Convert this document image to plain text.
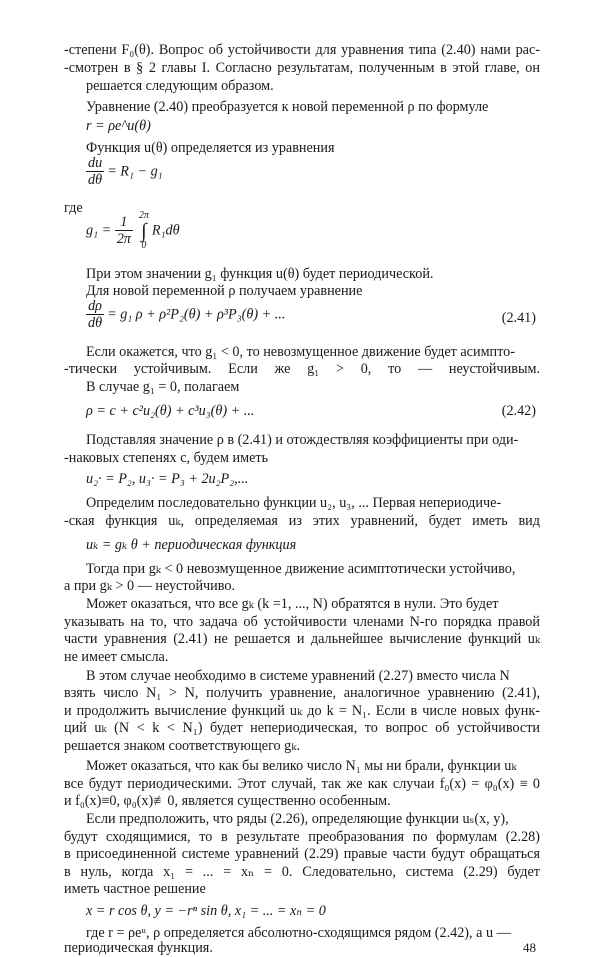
-степени F₀(θ). Вопрос об устойчивости для уравнения типа (2.40) нами рас-
-смотрен в § 2 главы I. Согласно результатам, полученным в этой главе, он
решается следующим образом.
Уравнение (2.40) преобразуется к новой переменной ρ по формуле
r = ρe^u(θ)
Функция u(θ) определяется из уравнения
$\frac{du}{d\theta} = R_1 - g_1$
где
$g_1 = \frac{1}{2\pi} 2\pi$
∫
0
R₁dθ
При этом значении g₁ функция u(θ) будет периодической.
Для новой переменной ρ получаем уравнение
$\frac{d\rho}{d\theta} = g_1$ ρ + ρ²P₂(θ) + ρ³P₃(θ) + ...	(2.41)
Если окажется, что g₁ < 0, то невозмущенное движение будет асимпто-
-тически устойчивым. Если же g₁ > 0, то — неустойчивым.
В случае g₁ = 0, полагаем
ρ = c + c²u₂(θ) + c³u₃(θ) + ...	(2.42)
Подставляя значение ρ в (2.41) и отождествляя коэффициенты при оди-
-наковых степенях c, будем иметь
u₂· = P₂, u₃· = P₃ + 2u₂P₂,...
Определим последовательно функции u₂, u₃, ... Первая непериодиче-
-ская функция uₖ, определяемая из этих уравнений, будет иметь вид
uₖ = gₖ θ + периодическая функция
Тогда при gₖ < 0 невозмущенное движение асимптотически устойчиво,
а при gₖ > 0 — неустойчиво.
Может оказаться, что все gₖ (k =1, ..., N) обратятся в нули. Это будет
указывать на то, что задача об устойчивости членами N-го порядка правой
части уравнения (2.41) не решается и дальнейшее вычисление функций uₖ
не имеет смысла.
В этом случае необходимо в системе уравнений (2.27) вместо числа N
взять число N₁ > N, получить уравнение, аналогичное уравнению (2.41),
и продолжить вычисление функций uₖ до k = N₁. Если в числе новых функ-
ций uₖ (N < k < N₁) будет непериодическая, то вопрос об устойчивости
решается знаком соответствующего gₖ.
Может оказаться, что как бы велико число N₁ мы ни брали, функции uₖ
все будут периодическими. Этот случай, так же как случаи f₀(x) = φ₀(x) ≡ 0
и f₀(x)≡0, φ₀(x)≢0, является существенно особенным.
Если предположить, что ряды (2.26), определяющие функции uₛ(x, y),
будут сходящимися, то в результате преобразования по формулам (2.28)
в присоединенной системе уравнений (2.29) правые части будут обращаться
в нуль, когда x₁ = ... = xₙ = 0. Следовательно, система (2.29) будет
иметь частное решение
x = r cos θ, y = −rⁿ sin θ, x₁ = ... = xₙ = 0
где r = ρeᵘ, ρ определяется абсолютно-сходящимся рядом (2.42), а u —
периодическая функция.	48
